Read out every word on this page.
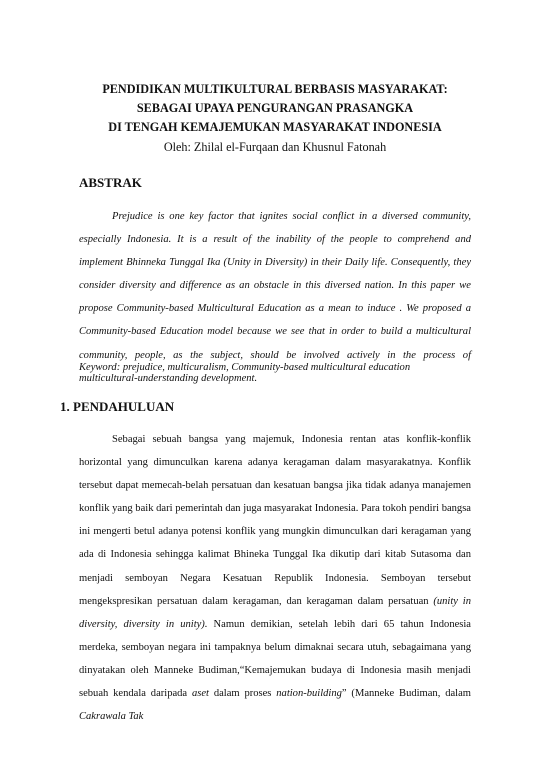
PENDIDIKAN MULTIKULTURAL BERBASIS MASYARAKAT:
SEBAGAI UPAYA PENGURANGAN PRASANGKA
DI TENGAH KEMAJEMUKAN MASYARAKAT INDONESIA

Oleh: Zhilal el-Furqaan dan Khusnul Fatonah

ABSTRAK

Prejudice is one key factor that ignites social conflict in a diversed community, especially Indonesia. It is a result of the inability of the people to comprehend and implement Bhinneka Tunggal Ika (Unity in Diversity) in their Daily life. Consequently, they consider diversity and difference as an obstacle in this diversed nation. In this paper we propose Community-based Multicultural Education as a mean to induce . We proposed a Community-based Education model because we see that in order to build a multicultural community, people, as the subject, should be involved actively in the process of multicultural-understanding development.

Keyword: prejudice, multicuralism, Community-based multicultural education

1. PENDAHULUAN

Sebagai sebuah bangsa yang majemuk, Indonesia rentan atas konflik-konflik horizontal yang dimunculkan karena adanya keragaman dalam masyarakatnya. Konflik tersebut dapat memecah-belah persatuan dan kesatuan bangsa jika tidak adanya manajemen konflik yang baik dari pemerintah dan juga masyarakat Indonesia. Para tokoh pendiri bangsa ini mengerti betul adanya potensi konflik yang mungkin dimunculkan dari keragaman yang ada di Indonesia sehingga kalimat Bhineka Tunggal Ika dikutip dari kitab Sutasoma dan menjadi semboyan Negara Kesatuan Republik Indonesia. Semboyan tersebut mengekspresikan persatuan dalam keragaman, dan keragaman dalam persatuan (unity in diversity, diversity in unity). Namun demikian, setelah lebih dari 65 tahun Indonesia merdeka, semboyan negara ini tampaknya belum dimaknai secara utuh, sebagaimana yang dinyatakan oleh Manneke Budiman,“Kemajemukan budaya di Indonesia masih menjadi sebuah kendala daripada aset dalam proses nation-building” (Manneke Budiman, dalam Cakrawala Tak
